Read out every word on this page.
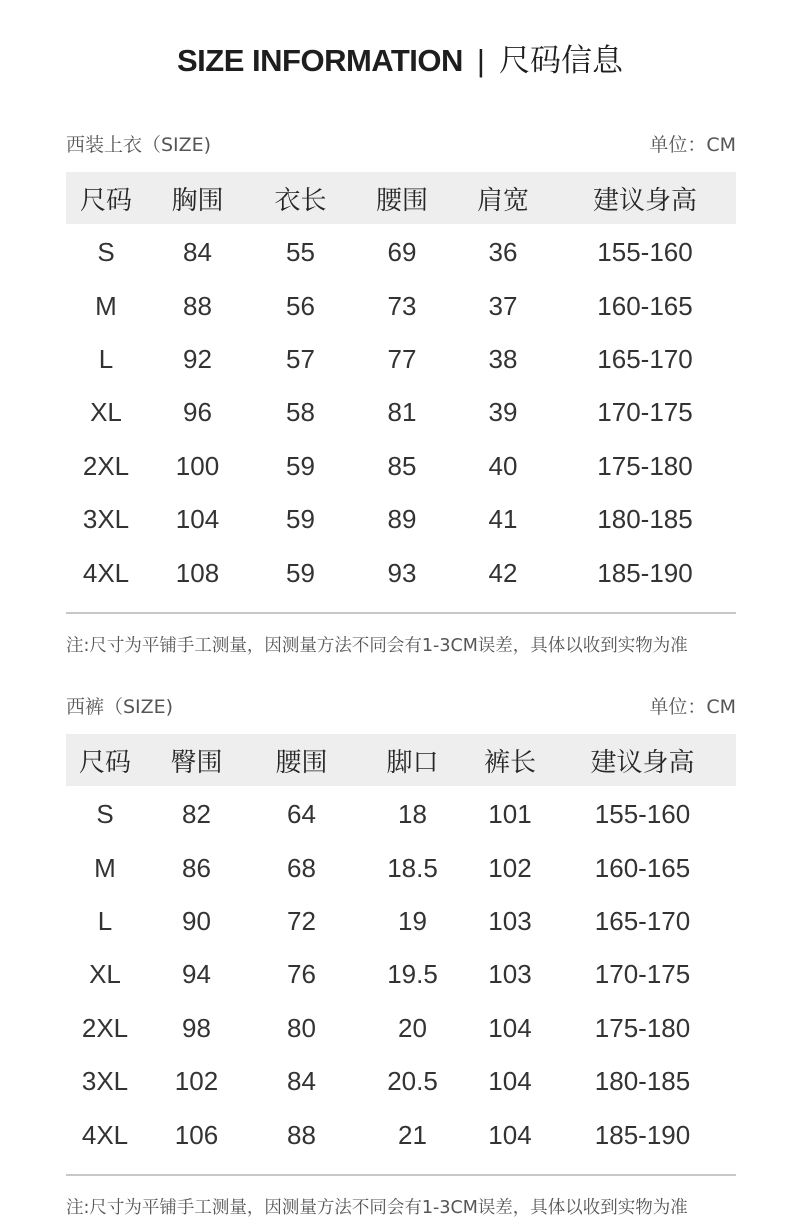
SIZE INFORMATION | 尺码信息
西装上衣（SIZE)	单位：CM
尺码	胸围	衣长	腰围	肩宽	建议身高
S	84	55	69	36	155-160
M	88	56	73	37	160-165
L	92	57	77	38	165-170
XL	96	58	81	39	170-175
2XL	100	59	85	40	175-180
3XL	104	59	89	41	180-185
4XL	108	59	93	42	185-190
注:尺寸为平铺手工测量，因测量方法不同会有1-3CM误差，具体以收到实物为准
西裤（SIZE)	单位：CM
尺码	臀围	腰围	脚口	裤长	建议身高
S	82	64	18	101	155-160
M	86	68	18.5	102	160-165
L	90	72	19	103	165-170
XL	94	76	19.5	103	170-175
2XL	98	80	20	104	175-180
3XL	102	84	20.5	104	180-185
4XL	106	88	21	104	185-190
注:尺寸为平铺手工测量，因测量方法不同会有1-3CM误差，具体以收到实物为准
